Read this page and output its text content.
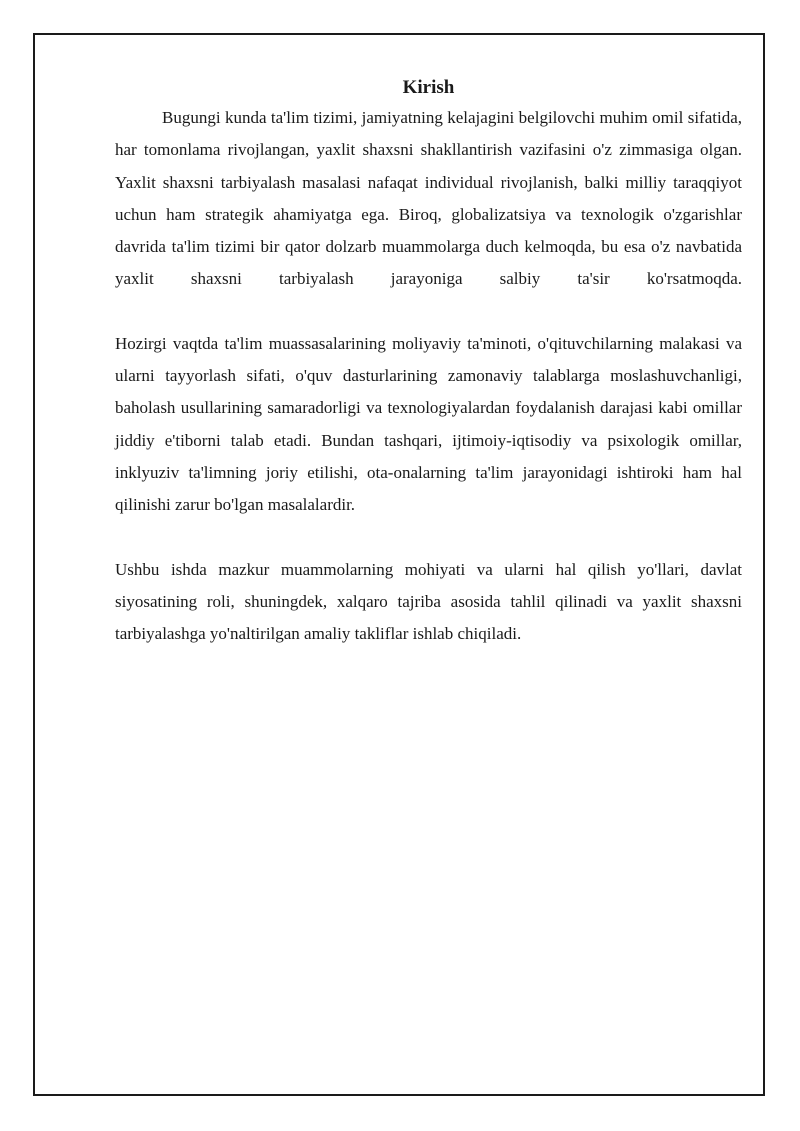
Kirish

Bugungi kunda ta'lim tizimi, jamiyatning kelajagini belgilovchi muhim omil sifatida, har tomonlama rivojlangan, yaxlit shaxsni shakllantirish vazifasini o'z zimmasiga olgan. Yaxlit shaxsni tarbiyalash masalasi nafaqat individual rivojlanish, balki milliy taraqqiyot uchun ham strategik ahamiyatga ega. Biroq, globalizatsiya va texnologik o'zgarishlar davrida ta'lim tizimi bir qator dolzarb muammolarga duch kelmoqda, bu esa o'z navbatida yaxlit shaxsni tarbiyalash jarayoniga salbiy ta'sir ko'rsatmoqda.

Hozirgi vaqtda ta'lim muassasalarining moliyaviy ta'minoti, o'qituvchilarning malakasi va ularni tayyorlash sifati, o'quv dasturlarining zamonaviy talablarga moslashuvchanligi, baholash usullarining samaradorligi va texnologiyalardan foydalanish darajasi kabi omillar jiddiy e'tiborni talab etadi. Bundan tashqari, ijtimoiy-iqtisodiy va psixologik omillar, inklyuziv ta'limning joriy etilishi, ota-onalarning ta'lim jarayonidagi ishtiroki ham hal qilinishi zarur bo'lgan masalalardir.

Ushbu ishda mazkur muammolarning mohiyati va ularni hal qilish yo'llari, davlat siyosatining roli, shuningdek, xalqaro tajriba asosida tahlil qilinadi va yaxlit shaxsni tarbiyalashga yo'naltirilgan amaliy takliflar ishlab chiqiladi.
